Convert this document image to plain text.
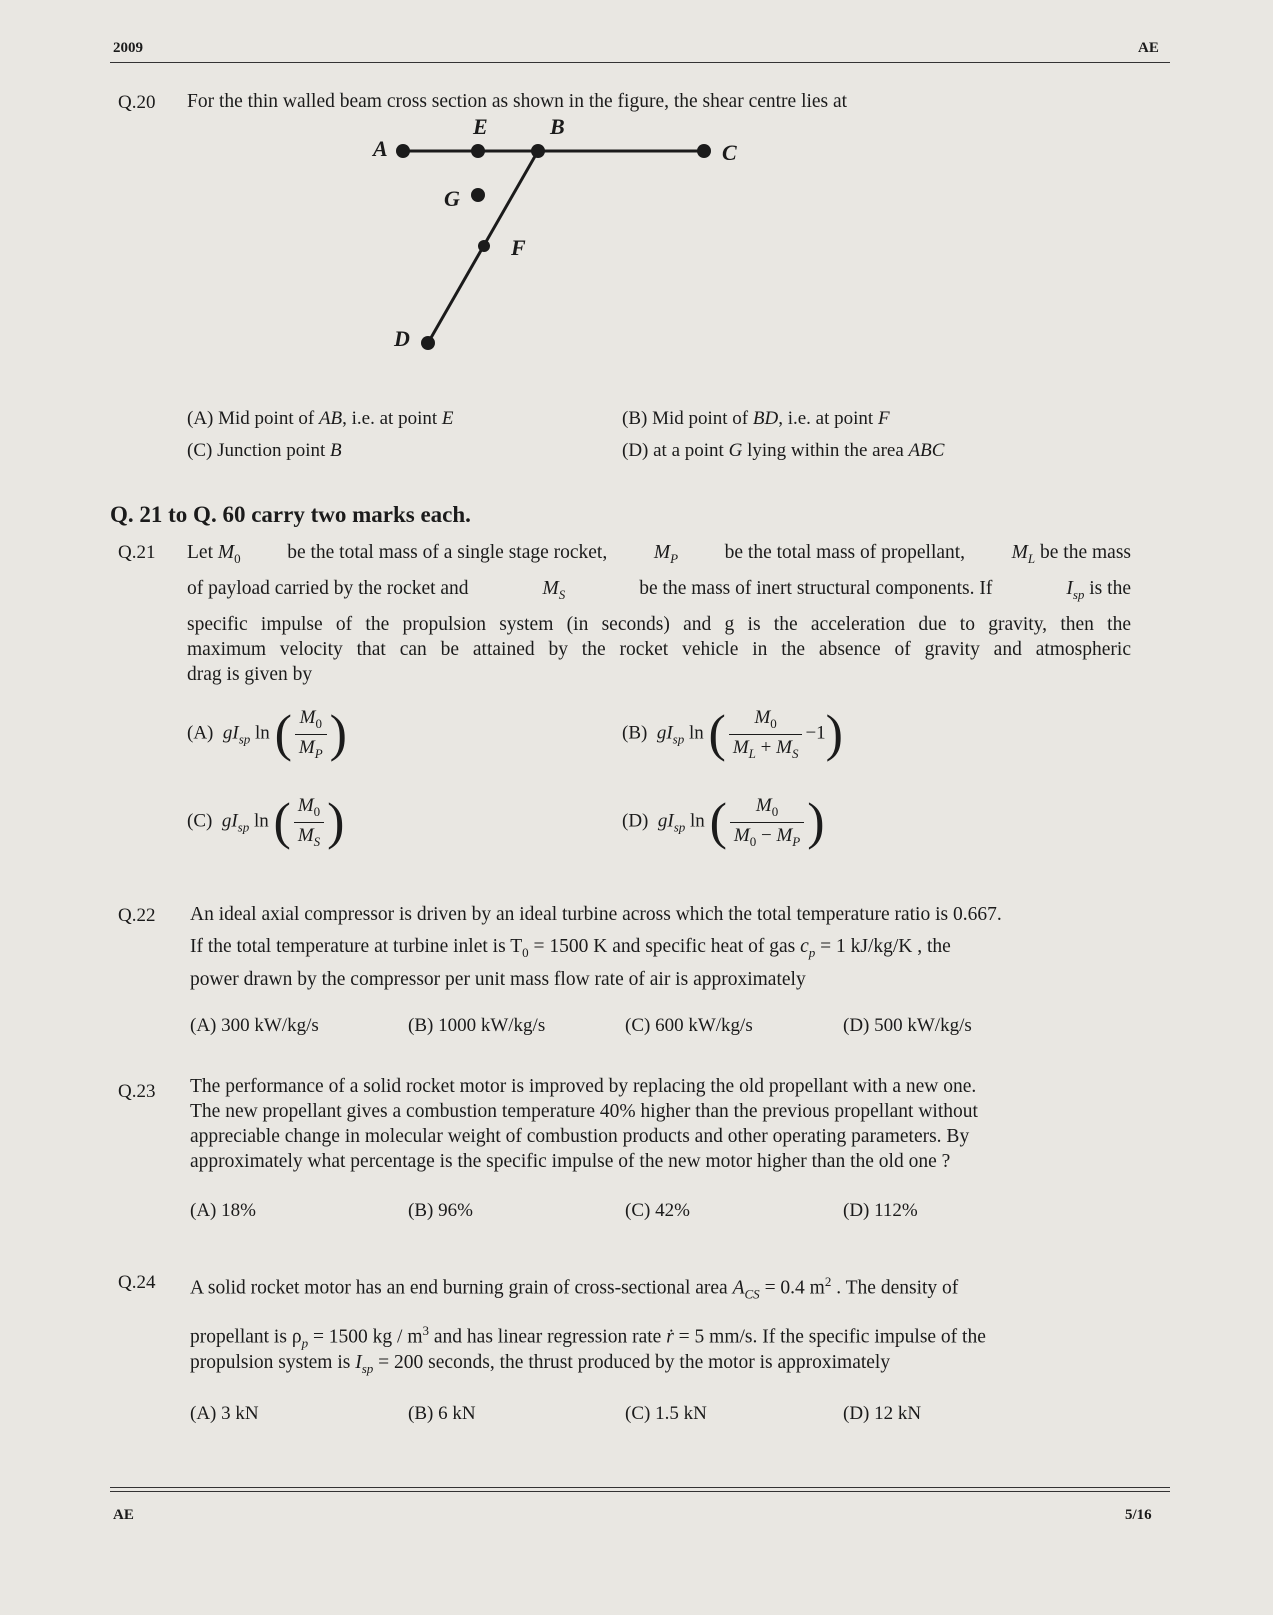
2009	AE
Q.20 For the thin walled beam cross section as shown in the figure, the shear centre lies at
A
E	B
C
G
F
D
(A) Mid point of AB, i.e. at point E	(B) Mid point of BD, i.e. at point F
(C) Junction point B	(D) at a point G lying within the area ABC
Q. 21 to Q. 60 carry two marks each.
Q.21 Let $M_0$ be the total mass of a single stage rocket, $M_P$ be the total mass of propellant, $M_L$ be the mass
of payload carried by the rocket and	$M_S$	be the mass of inert structural components. If	$I_{sp}$ is the
specific impulse of the propulsion system (in seconds) and g is the acceleration due to gravity, then the
maximum velocity that can be attained by the rocket vehicle in the absence of gravity and atmospheric
drag is given by
(A) $gI_{sp}$ ln ( $\frac{M_0}{M_P}$ )	(B) $gI_{sp}$ ln ( $\frac{M_0}{M_L + M_S} -1$)
(C) $gI_{sp}$ ln ( $\frac{M_0}{M_S}$ )	(D) $gI_{sp}$ ln ( $\frac{M_0}{M_0 - M_P}$ )
Q.22 An ideal axial compressor is driven by an ideal turbine across which the total temperature ratio is 0.667.
If the total temperature at turbine inlet is $T_0 = 1500$ K and specific heat of gas $c_p = 1$ kJ/kg/K , the
power drawn by the compressor per unit mass flow rate of air is approximately
(A) 300 kW/kg/s	(B) 1000 kW/kg/s	(C) 600 kW/kg/s	(D) 500 kW/kg/s
Q.23 The performance of a solid rocket motor is improved by replacing the old propellant with a new one.
The new propellant gives a combustion temperature 40% higher than the previous propellant without
appreciable change in molecular weight of combustion products and other operating parameters. By
approximately what percentage is the specific impulse of the new motor higher than the old one ?
(A) 18%	(B) 96%	(C) 42%	(D) 112%
Q.24 A solid rocket motor has an end burning grain of cross-sectional area $A_{CS} = 0.4$ $m^2$ . The density of
propellant is $\rho_p = 1500$ kg / $m^3$ and has linear regression rate ṙ = 5 mm/s. If the specific impulse of the
propulsion system is $I_{sp} = 200$ seconds, the thrust produced by the motor is approximately
(A) 3 kN	(B) 6 kN	(C) 1.5 kN	(D) 12 kN
AE	5/16
